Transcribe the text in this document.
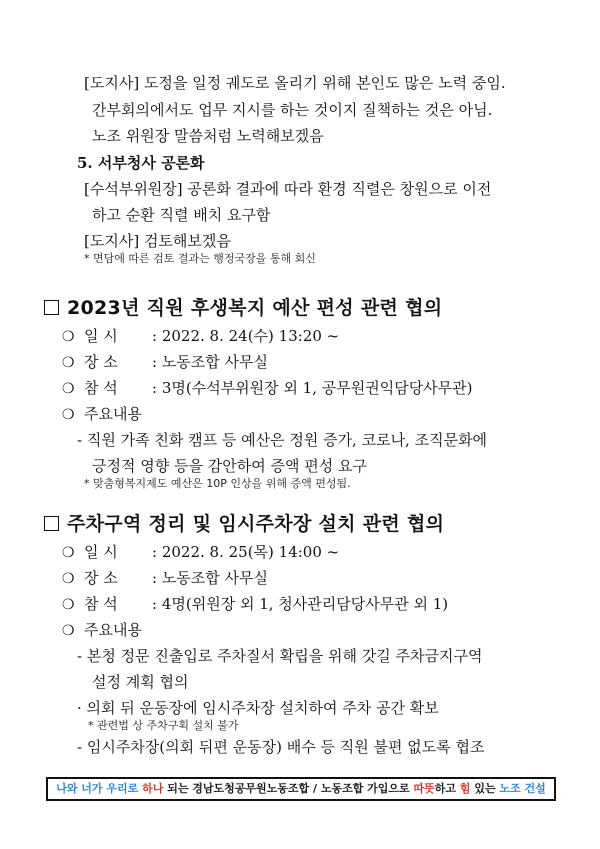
[도지사] 도정을 일정 궤도로 올리기 위해 본인도 많은 노력 중임.
간부회의에서도 업무 지시를 하는 것이지 질책하는 것은 아님.
노조 위원장 말씀처럼 노력해보겠음
5. 서부청사 공론화
[수석부위원장] 공론화 결과에 따라 환경 직렬은 창원으로 이전
하고 순환 직렬 배치 요구함
[도지사] 검토해보겠음
* 면담에 따른 검토 결과는 행정국장을 통해 회신
2023년 직원 후생복지 예산 편성 관련 협의
❍ 일 시 : 2022. 8. 24(수) 13:20 ~
❍ 장 소 : 노동조합 사무실
❍ 참 석 : 3명(수석부위원장 외 1, 공무원권익담당사무관)
❍ 주요내용
- 직원 가족 친화 캠프 등 예산은 정원 증가, 코로나, 조직문화에
긍정적 영향 등을 감안하여 증액 편성 요구
* 맞춤형복지제도 예산은 10P 인상을 위해 증액 편성됨.
주차구역 정리 및 임시주차장 설치 관련 협의
❍ 일 시 : 2022. 8. 25(목) 14:00 ~
❍ 장 소 : 노동조합 사무실
❍ 참 석 : 4명(위원장 외 1, 청사관리담당사무관 외 1)
❍ 주요내용
- 본청 정문 진출입로 주차질서 확립을 위해 갓길 주차금지구역
설정 계획 협의
· 의회 뒤 운동장에 임시주차장 설치하여 주차 공간 확보
* 관련법 상 주차구획 설치 불가
- 임시주차장(의회 뒤편 운동장) 배수 등 직원 불편 없도록 협조
나와 너가 우리로 하나 되는 경남도청공무원노동조합 / 노동조합 가입으로 따뜻하고 힘 있는 노조 건설
